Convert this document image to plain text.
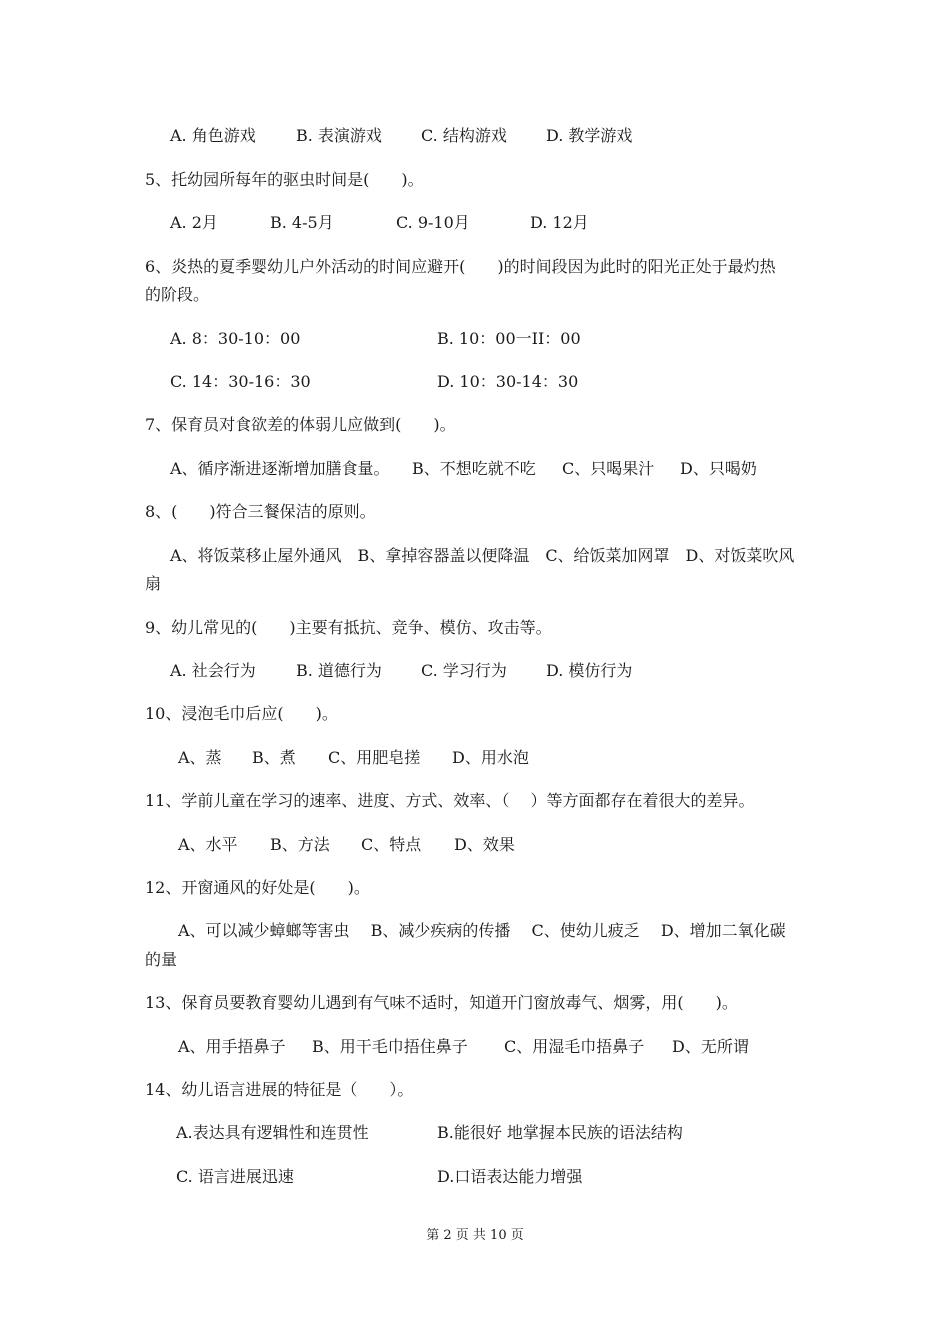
A. 角色游戏	B. 表演游戏 C. 结构游戏 D. 教学游戏
5、托幼园所每年的驱虫时间是(　　)。
A. 2月	B. 4-5月	C. 9-10月	D. 12月
6、炎热的夏季婴幼儿户外活动的时间应避开(　　)的时间段因为此时的阳光正处于最灼热
的阶段。
A. 8：30-10：00	B. 10：00一II：00
C. 14：30-16：30	D. 10：30-14：30
7、保育员对食欲差的体弱儿应做到(　　)。
A、循序渐进逐渐增加膳食量。 B、不想吃就不吃 C、只喝果汁 D、只喝奶
8、(　　)符合三餐保洁的原则。
A、将饭菜移止屋外通风　B、拿掉容器盖以便降温　C、给饭菜加网罩　D、对饭菜吹风
扇
9、幼儿常见的(　　)主要有抵抗、竞争、模仿、攻击等。
A. 社会行为	B. 道德行为 C. 学习行为 D. 模仿行为
10、浸泡毛巾后应(　　)。
A、蒸 B、煮 C、用肥皂搓 D、用水泡
11、学前儿童在学习的速率、进度、方式、效率、（　 ）等方面都存在着很大的差异。
A、水平 B、方法 C、特点 D、效果
12、开窗通风的好处是(　　)。
A、可以减少蟑螂等害虫　 B、减少疾病的传播　 C、使幼儿疲乏　 D、增加二氧化碳
的量
13、保育员要教育婴幼儿遇到有气味不适时，知道开门窗放毒气、烟雾，用(　　)。
A、用手捂鼻子 B、用干毛巾捂住鼻子 C、用湿毛巾捂鼻子 D、无所谓
14、幼儿语言进展的特征是（　　）。
A.表达具有逻辑性和连贯性	B.能很好 地掌握本民族的语法结构
C. 语言进展迅速	D.口语表达能力增强
第 2 页 共 10 页
